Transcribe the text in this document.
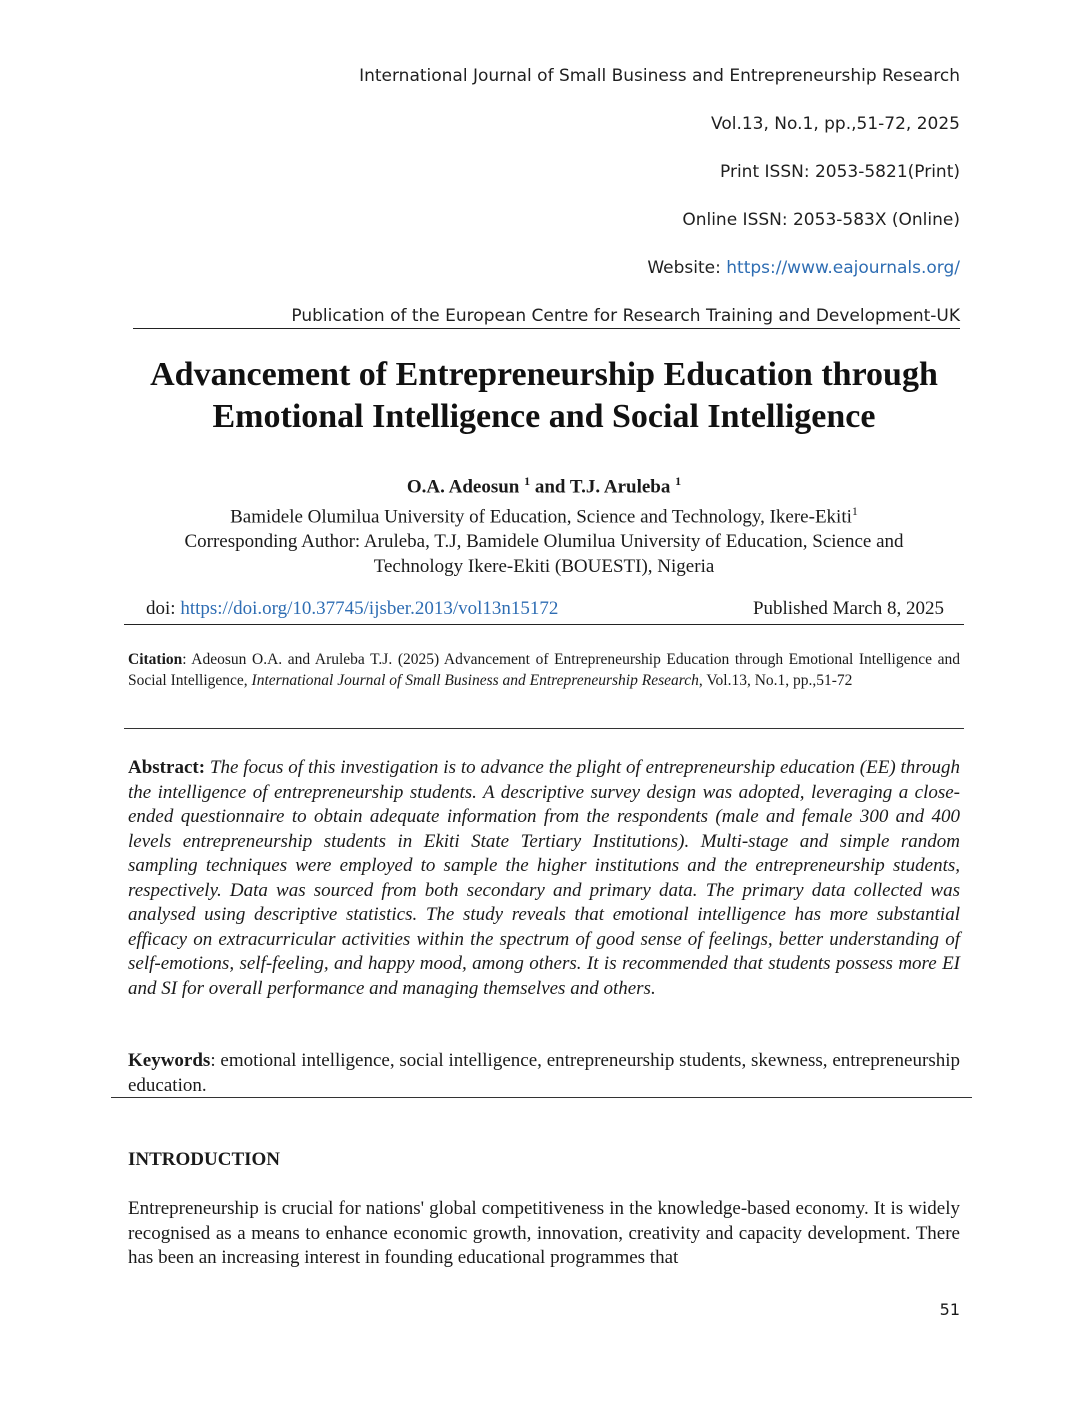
International Journal of Small Business and Entrepreneurship Research
Vol.13, No.1, pp.,51-72, 2025
Print ISSN: 2053-5821(Print)
Online ISSN: 2053-583X (Online)
Website: https://www.eajournals.org/
Publication of the European Centre for Research Training and Development-UK
Advancement of Entrepreneurship Education through
Emotional Intelligence and Social Intelligence
O.A. Adeosun $^1$ and T.J. Aruleba $^1$
Bamidele Olumilua University of Education, Science and Technology, Ikere-Ekiti$^1$
Corresponding Author: Aruleba, T.J, Bamidele Olumilua University of Education, Science and
Technology Ikere-Ekiti (BOUESTI), Nigeria
doi: https://doi.org/10.37745/ijsber.2013/vol13n15172	Published March 8, 2025
Citation: Adeosun O.A. and Aruleba T.J. (2025) Advancement of Entrepreneurship Education through Emotional Intelligence and Social Intelligence, International Journal of Small Business and Entrepreneurship Research, Vol.13, No.1, pp.,51-72
Abstract: The focus of this investigation is to advance the plight of entrepreneurship education (EE) through the intelligence of entrepreneurship students. A descriptive survey design was adopted, leveraging a close-ended questionnaire to obtain adequate information from the respondents (male and female 300 and 400 levels entrepreneurship students in Ekiti State Tertiary Institutions). Multi-stage and simple random sampling techniques were employed to sample the higher institutions and the entrepreneurship students, respectively. Data was sourced from both secondary and primary data. The primary data collected was analysed using descriptive statistics. The study reveals that emotional intelligence has more substantial efficacy on extracurricular activities within the spectrum of good sense of feelings, better understanding of self-emotions, self-feeling, and happy mood, among others. It is recommended that students possess more EI and SI for overall performance and managing themselves and others.
Keywords: emotional intelligence, social intelligence, entrepreneurship students, skewness, entrepreneurship education.
INTRODUCTION
Entrepreneurship is crucial for nations' global competitiveness in the knowledge-based economy. It is widely recognised as a means to enhance economic growth, innovation, creativity and capacity development. There has been an increasing interest in founding educational programmes that
51
